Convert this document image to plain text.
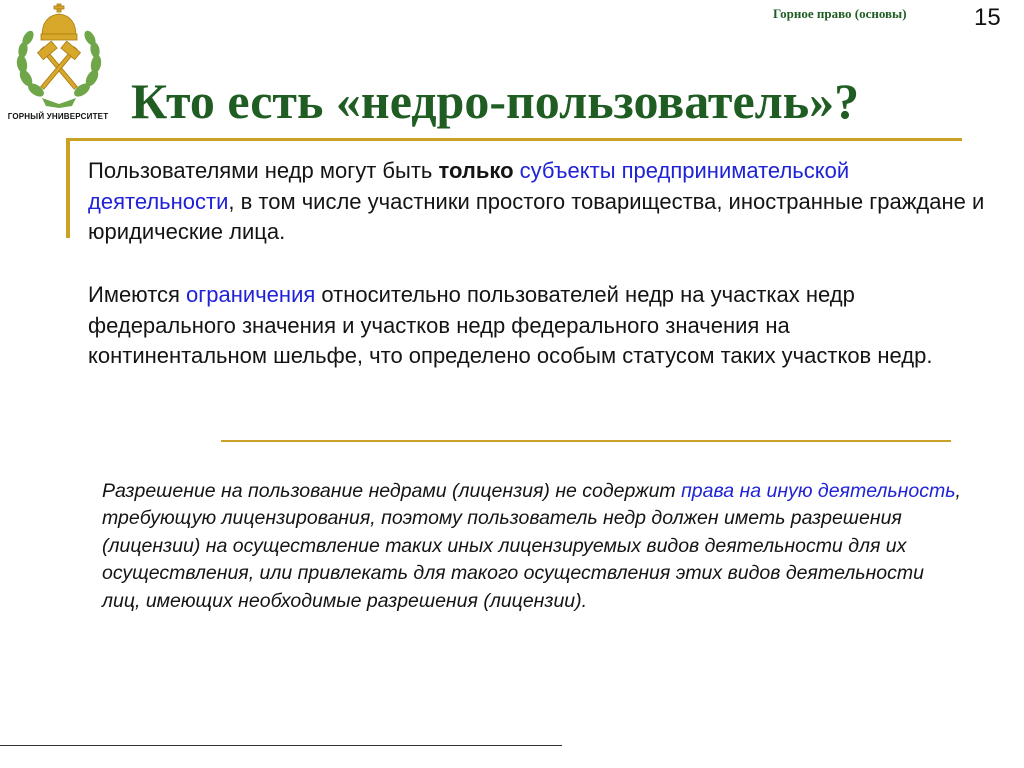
ГОРНЫЙ УНИВЕРСИТЕТ
Горное право (основы)	15
Кто есть «недро-пользователь»?

Пользователями недр могут быть только субъекты предпринимательской деятельности, в том числе участники простого товарищества, иностранные граждане и юридические лица.

Имеются ограничения относительно пользователей недр на участках недр федерального значения и участков недр федерального значения на континентальном шельфе, что определено особым статусом таких участков недр.

Разрешение на пользование недрами (лицензия) не содержит права на иную деятельность, требующую лицензирования, поэтому пользователь недр должен иметь разрешения (лицензии) на осуществление таких иных лицензируемых видов деятельности для их осуществления, или привлекать для такого осуществления этих видов деятельности лиц, имеющих необходимые разрешения (лицензии).
